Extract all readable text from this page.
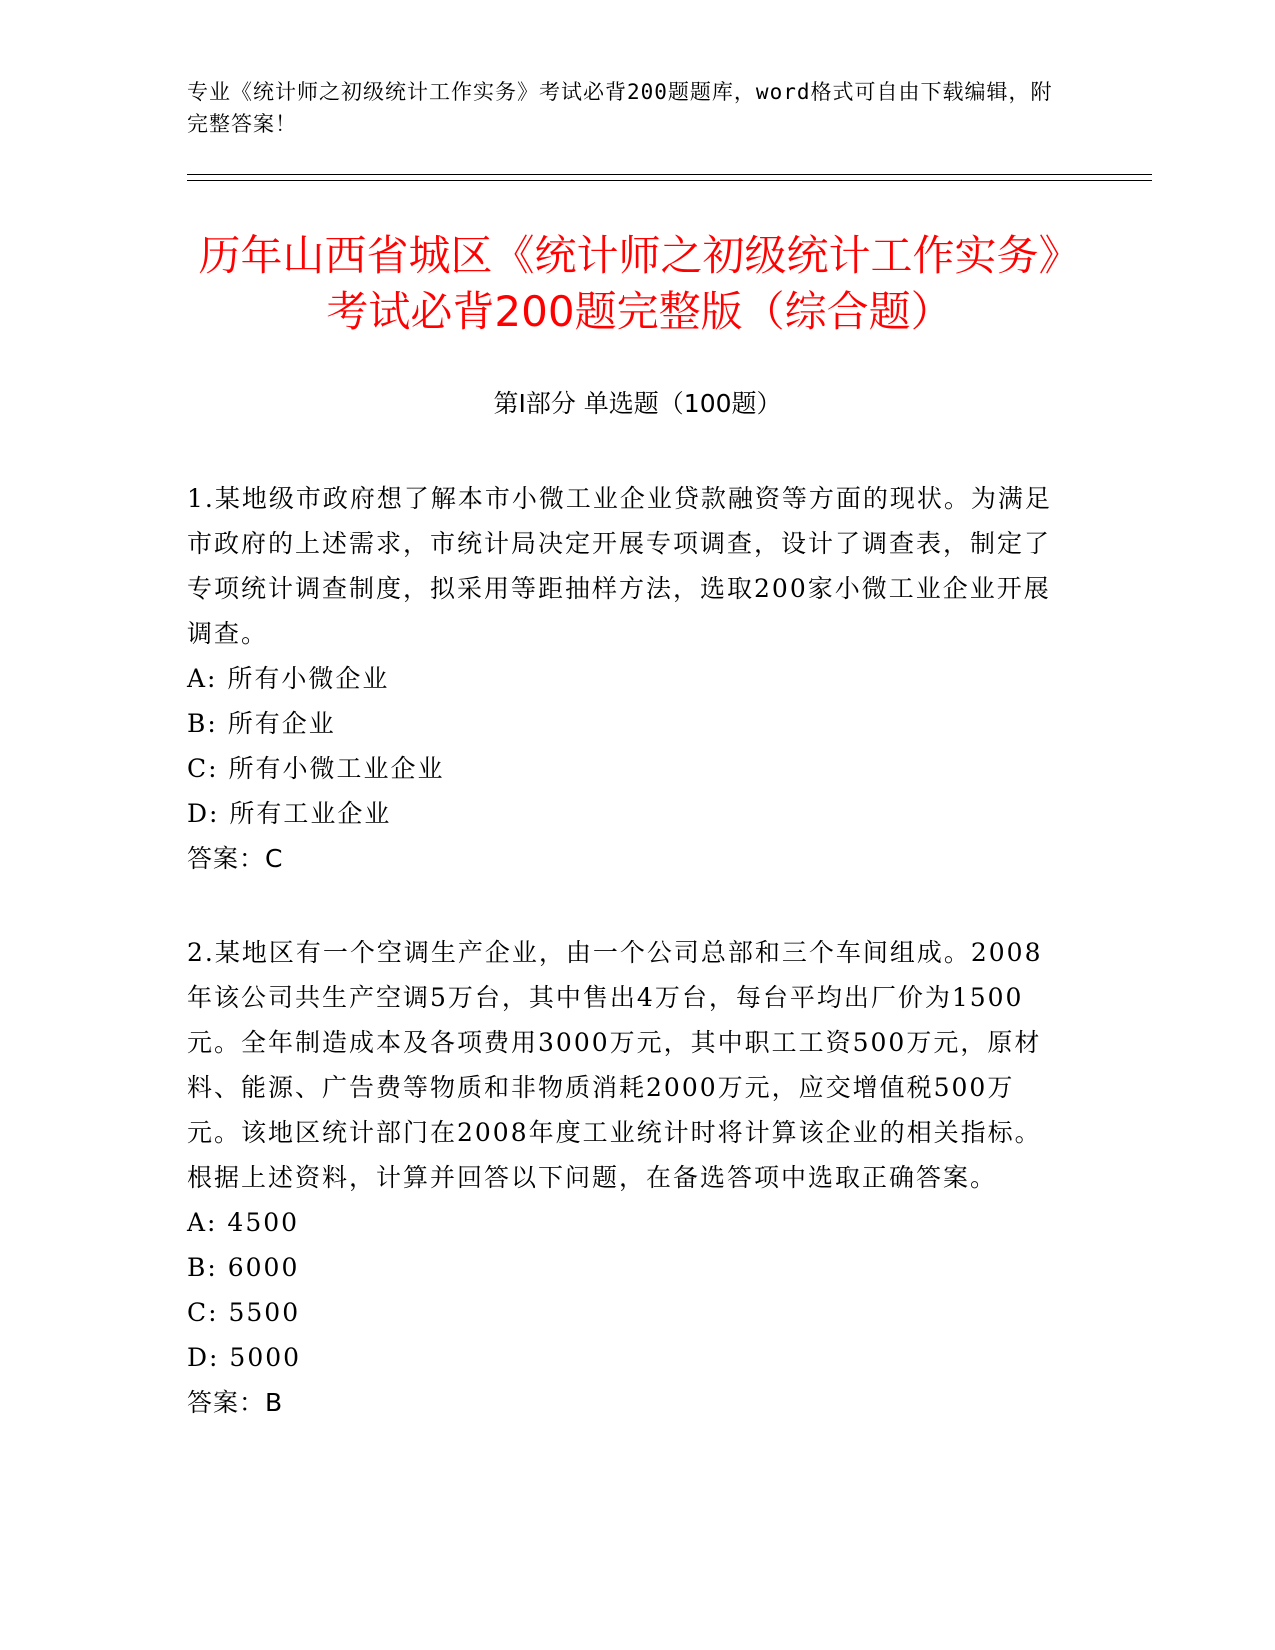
专业《统计师之初级统计工作实务》考试必背200题题库，word格式可自由下载编辑，附完整答案！
历年山西省城区《统计师之初级统计工作实务》考试必背200题完整版（综合题）
第Ⅰ部分 单选题（100题）

1.某地级市政府想了解本市小微工业企业贷款融资等方面的现状。为满足市政府的上述需求，市统计局决定开展专项调查，设计了调查表，制定了专项统计调查制度，拟采用等距抽样方法，选取200家小微工业企业开展调查。

A: 所有小微企业
B: 所有企业
C: 所有小微工业企业
D: 所有工业企业

答案：C

2.某地区有一个空调生产企业，由一个公司总部和三个车间组成。2008年该公司共生产空调5万台，其中售出4万台，每台平均出厂价为1500元。全年制造成本及各项费用3000万元，其中职工工资500万元，原材料、能源、广告费等物质和非物质消耗2000万元，应交增值税500万元。该地区统计部门在2008年度工业统计时将计算该企业的相关指标。根据上述资料，计算并回答以下问题，在备选答项中选取正确答案。

A: 4500
B: 6000
C: 5500
D: 5000

答案：B
